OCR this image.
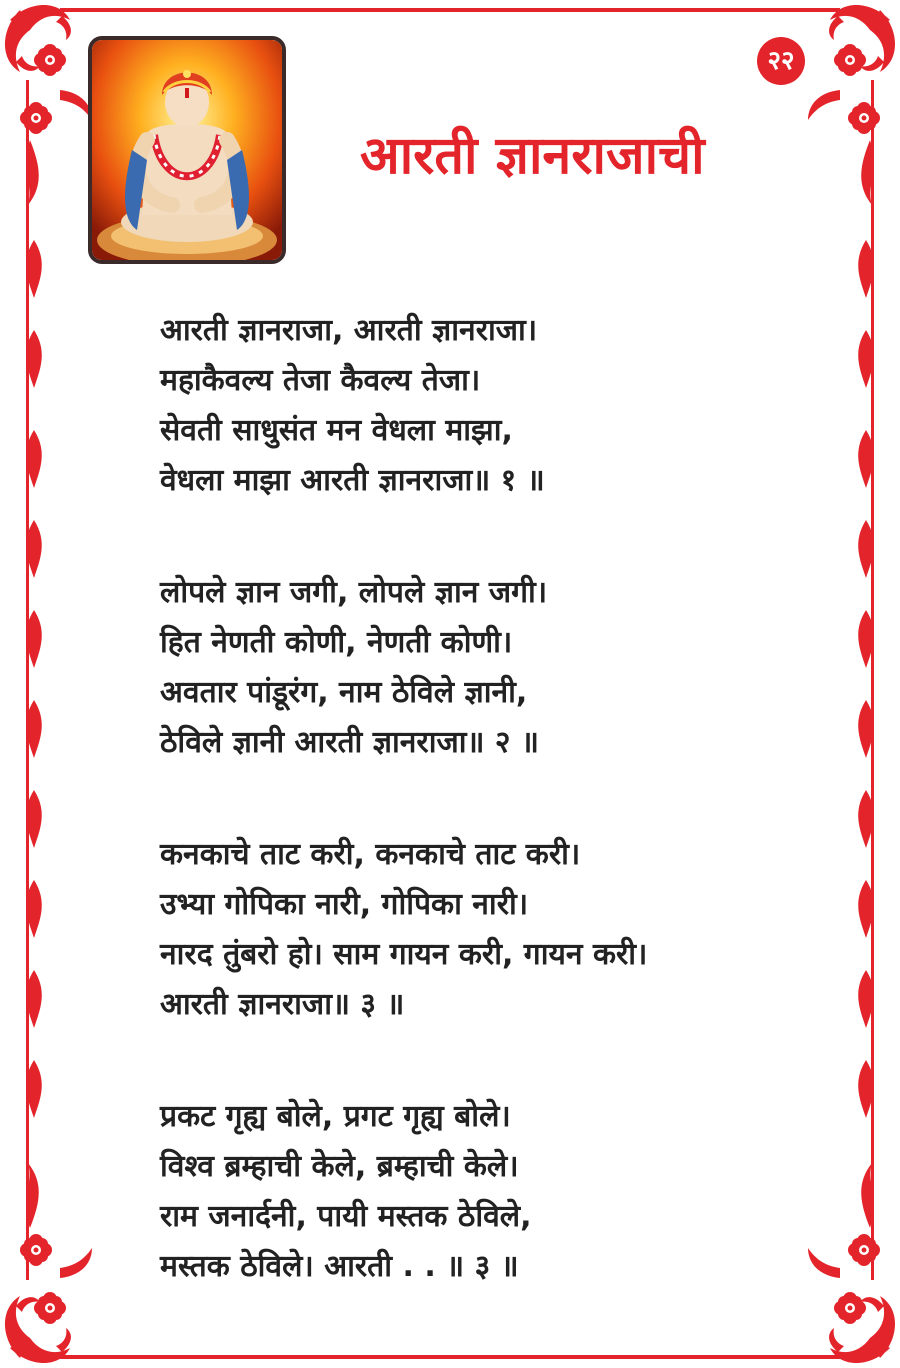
२२
आरती ज्ञानराजाची
आरती ज्ञानराजा, आरती ज्ञानराजा।
महाकैवल्य तेजा कैवल्य तेजा।
सेवती साधुसंत मन वेधला माझा,
वेधला माझा आरती ज्ञानराजा॥ १ ॥
लोपले ज्ञान जगी, लोपले ज्ञान जगी।
हित नेणती कोणी, नेणती कोणी।
अवतार पांडूरंग, नाम ठेविले ज्ञानी,
ठेविले ज्ञानी आरती ज्ञानराजा॥ २ ॥
कनकाचे ताट करी, कनकाचे ताट करी।
उभ्या गोपिका नारी, गोपिका नारी।
नारद तुंबरो हो। साम गायन करी, गायन करी।
आरती ज्ञानराजा॥ ३ ॥
प्रकट गृह्य बोले, प्रगट गृह्य बोले।
विश्व ब्रम्हाची केले, ब्रम्हाची केले।
राम जनार्दनी, पायी मस्तक ठेविले,
मस्तक ठेविले। आरती . . ॥ ३ ॥
